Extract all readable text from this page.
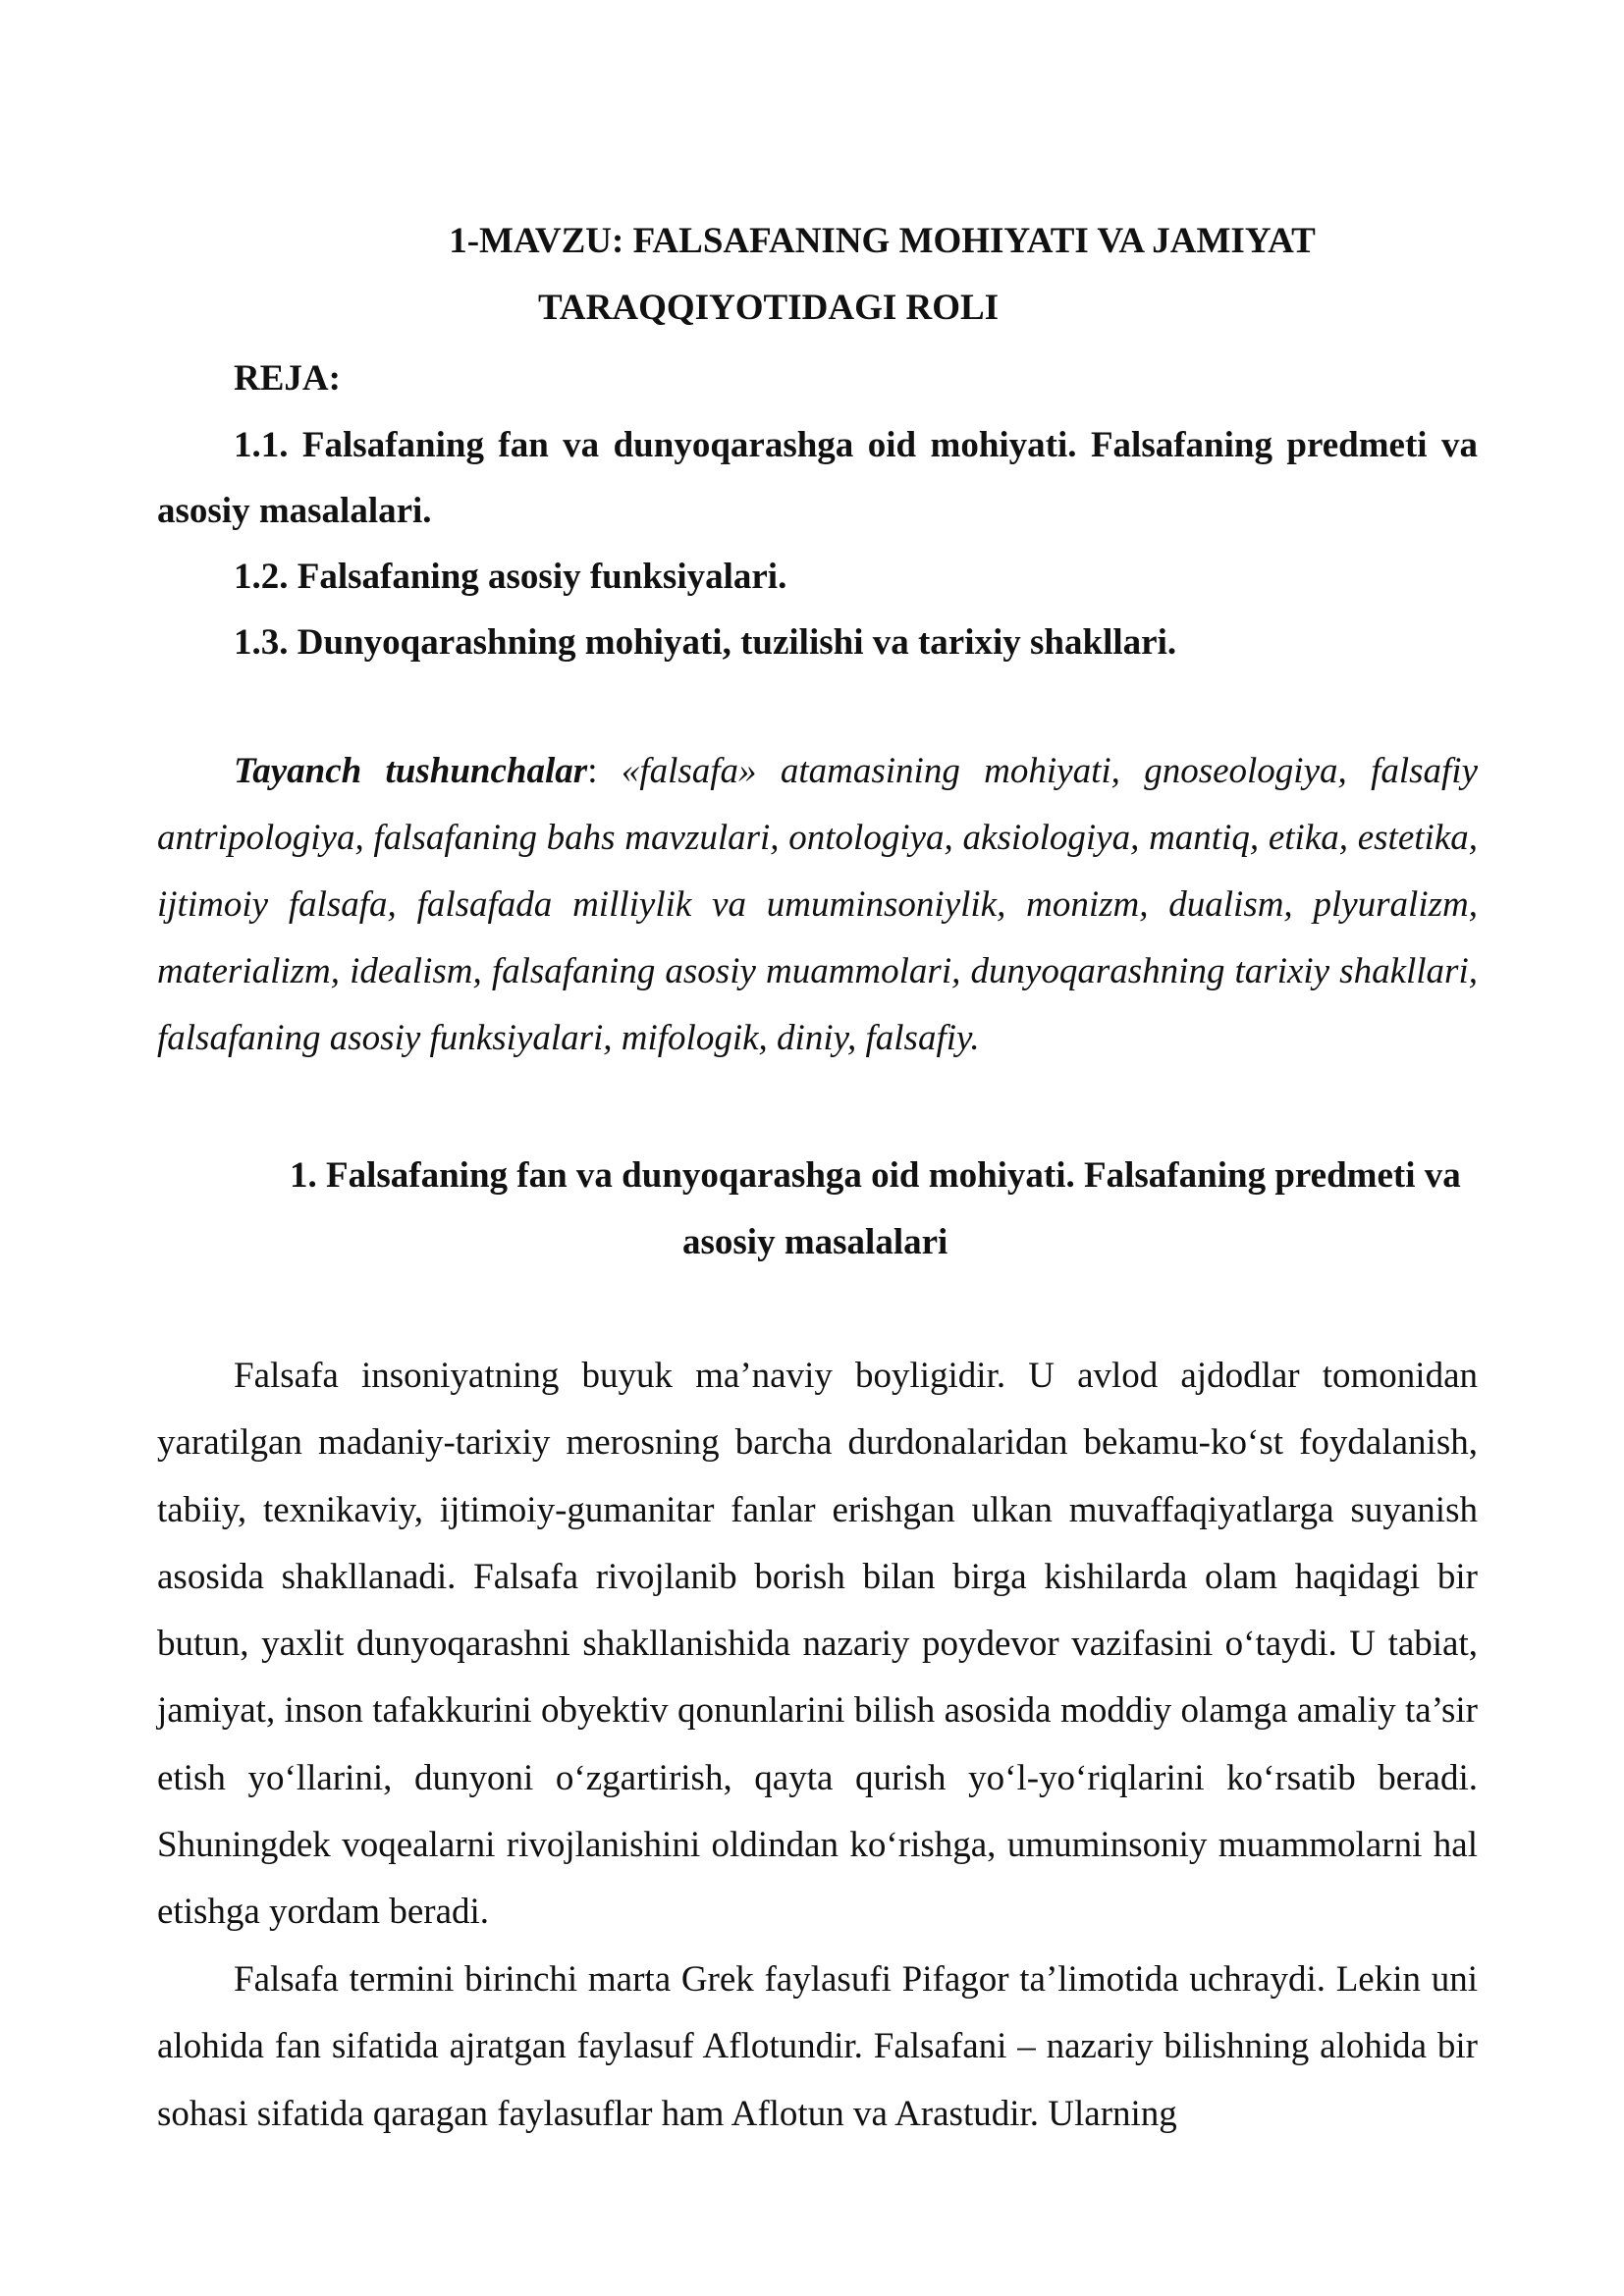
1-MAVZU: FALSAFANING MOHIYATI VA JAMIYAT
TARAQQIYOTIDAGI ROLI

REJA:

1.1. Falsafaning fan va dunyoqarashga oid mohiyati. Falsafaning predmeti va asosiy masalalari.
1.2. Falsafaning asosiy funksiyalari.
1.3. Dunyoqarashning mohiyati, tuzilishi va tarixiy shakllari.

Tayanch tushunchalar: «falsafa» atamasining mohiyati, gnoseologiya, falsafiy antripologiya, falsafaning bahs mavzulari, ontologiya, aksiologiya, mantiq, etika, estetika, ijtimoiy falsafa, falsafada milliylik va umuminsoniylik, monizm, dualism, plyuralizm, materializm, idealism, falsafaning asosiy muammolari, dunyoqarashning tarixiy shakllari, falsafaning asosiy funksiyalari, mifologik, diniy, falsafiy.

1. Falsafaning fan va dunyoqarashga oid mohiyati. Falsafaning predmeti va
asosiy masalalari

Falsafa insoniyatning buyuk ma’naviy boyligidir. U avlod ajdodlar tomonidan yaratilgan madaniy-tarixiy merosning barcha durdonalaridan bekamu-ko‘st foydalanish, tabiiy, texnikaviy, ijtimoiy-gumanitar fanlar erishgan ulkan muvaffaqiyatlarga suyanish asosida shakllanadi. Falsafa rivojlanib borish bilan birga kishilarda olam haqidagi bir butun, yaxlit dunyoqarashni shakllanishida nazariy poydevor vazifasini o‘taydi. U tabiat, jamiyat, inson tafakkurini obyektiv qonunlarini bilish asosida moddiy olamga amaliy ta’sir etish yo‘llarini, dunyoni o‘zgartirish, qayta qurish yo‘l-yo‘riqlarini ko‘rsatib beradi. Shuningdek voqealarni rivojlanishini oldindan ko‘rishga, umuminsoniy muammolarni hal etishga yordam beradi.

Falsafa termini birinchi marta Grek faylasufi Pifagor ta’limotida uchraydi. Lekin uni alohida fan sifatida ajratgan faylasuf Aflotundir. Falsafani – nazariy bilishning alohida bir sohasi sifatida qaragan faylasuflar ham Aflotun va Arastudir. Ularning
